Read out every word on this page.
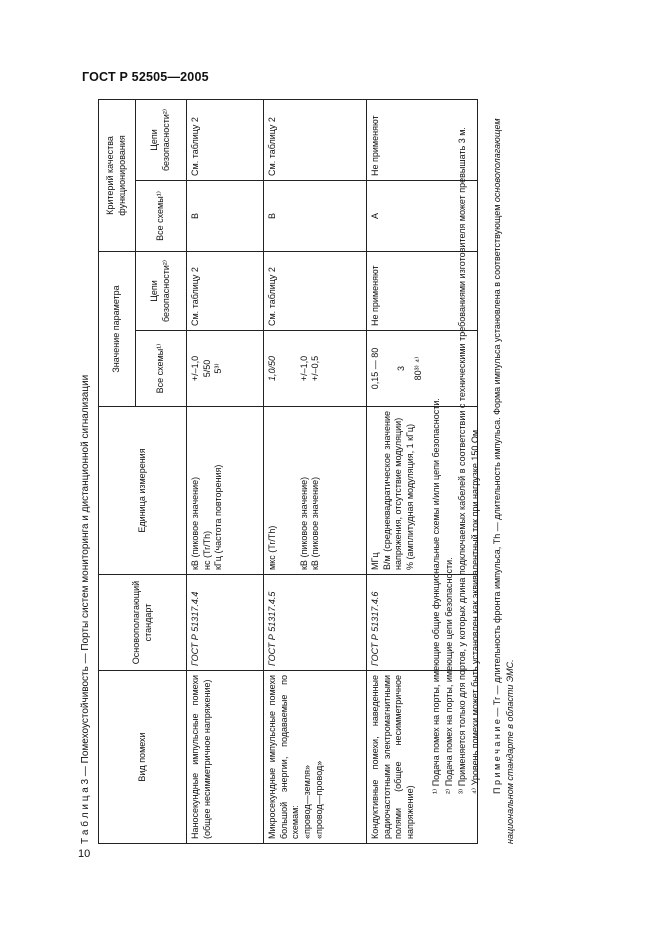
ГОСТ Р 52505—2005
Т а б л и ц а 3 — Помехоустойчивость — Порты систем мониторинга и дистанционной сигнализации	Вид помехи	Основополагающий стандарт	Единица измерения	Значение параметра		Критерий качества функционирования	
			Все схемы¹⁾	Цепи безопасности²⁾	Все схемы¹⁾	Цепи безопасности²⁾

Наносекундные импульсные помехи (общее несимметричное напряжение)	ГОСТ Р 51317.4.4	кВ (пиковое значение) нс (Tr/Th) кГц (частота повторения)	+/–1,0 5/50 5³⁾	См. таблицу 2	В	См. таблицу 2

Микросекундные импульсные помехи большой энергии, подаваемые по схемам: «провод—земля» «провод—провод»	ГОСТ Р 51317.4.5	мкс (Tr/Th) кВ (пиковое значение) кВ (пиковое значение)	1,0/50 +/–1,0 +/–0,5	См. таблицу 2	В	См. таблицу 2

Кондуктивные помехи, наведенные радиочастотными электромагнитными полями (общее несимметричное напряжение)	ГОСТ Р 51317.4.6	МГц В/м (среднеквадратическое значение напряжения, отсутствие модуляции) % (амплитудная модуляция, 1 кГц)	0,15 — 80 3 80³⁾ ⁴⁾	Не применяют	А	Не применяют

¹⁾ Подача помех на порты, имеющие общие функциональные схемы и/или цепи безопасности. ²⁾ Подача помех на порты, имеющие цепи безопасности. ³⁾ Применяется только для портов, у которых длина подключаемых кабелей в соответствии с техническими требованиями изготовителя может превышать 3 м. ⁴⁾ Уровень помехи может быть установлен как эквивалентный ток при нагрузке 150 Ом. П р и м е ч а н и е — Tr — длительность фронта импульса, Th — длительность импульса. Форма импульса установлена в соответствующем основополагающем национальном стандарте в области ЭМС.

10
